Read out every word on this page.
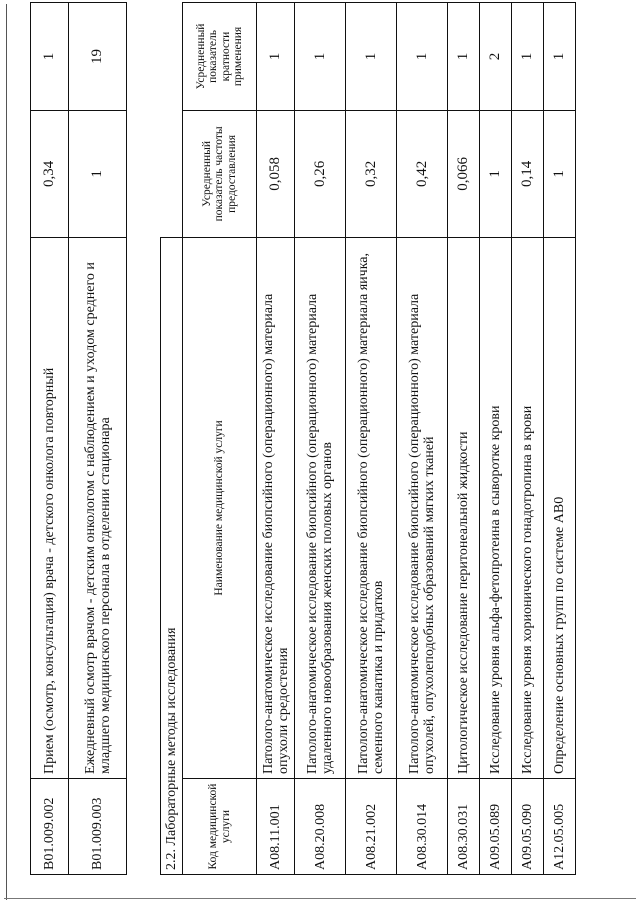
B01.009.002	Прием (осмотр, консультация) врача - детского онколога повторный	0,34	1
B01.009.003	Ежедневный осмотр врачом - детским онкологом с наблюдением и уходом среднего и младшего медицинского персонала в отделении стационара	1	19
2.2. Лабораторные методы исследования			
Код медицинской услуги	Наименование медицинской услуги	Усредненный показатель частоты предоставления	Усредненный показатель кратности применения
A08.11.001	Патолого-анатомическое исследование биопсийного (операционного) материала опухоли средостения	0,058	1
A08.20.008	Патолого-анатомическое исследование биопсийного (операционного) материала удаленного новообразования женских половых органов	0,26	1
A08.21.002	Патолого-анатомическое исследование биопсийного (операционного) материала яичка, семенного канатика и придатков	0,32	1
A08.30.014	Патолого-анатомическое исследование биопсийного (операционного) материала опухолей, опухолеподобных образований мягких тканей	0,42	1
A08.30.031	Цитологическое исследование перитонеальной жидкости	0,066	1
A09.05.089	Исследование уровня альфа-фетопротеина в сыворотке крови	1	2
A09.05.090	Исследование уровня хорионического гонадотропина в крови	0,14	1
A12.05.005	Определение основных групп по системе AB0	1	1
